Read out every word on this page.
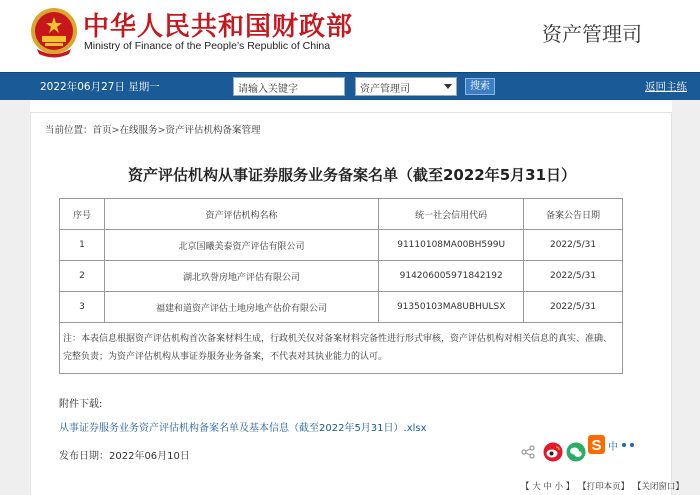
中华人民共和国财政部
Ministry of Finance of the People’s Republic of China	资产管理司
2022年06月27日 星期一	请输入关键字	资产管理司	搜索	返回主练
当前位置：首页>在线服务>资产评估机构备案管理
资产评估机构从事证券服务业务备案名单（截至2022年5月31日）
序号	资产评估机构名称	统一社会信用代码	备案公告日期
1	北京国曦美泰资产评估有限公司	91110108MA00BH599U	2022/5/31
2	湖北玖誉房地产评估有限公司	914206005971842192	2022/5/31
3	福建和道资产评估土地房地产估价有限公司	91350103MA8UBHULSX	2022/5/31
注：本表信息根据资产评估机构首次备案材料生成，行政机关仅对备案材料完备性进行形式审核，资产评估机构对相关信息的真实、准确、完整负责；为资产评估机构从事证券服务业务备案，不代表对其执业能力的认可。			
附件下载:
从事证券服务业务资产评估机构备案名单及基本信息（截至2022年5月31日）.xlsx
发布日期：2022年06月10日
S 中
【 大 中 小 】 【打印本页】 【关闭窗口】
